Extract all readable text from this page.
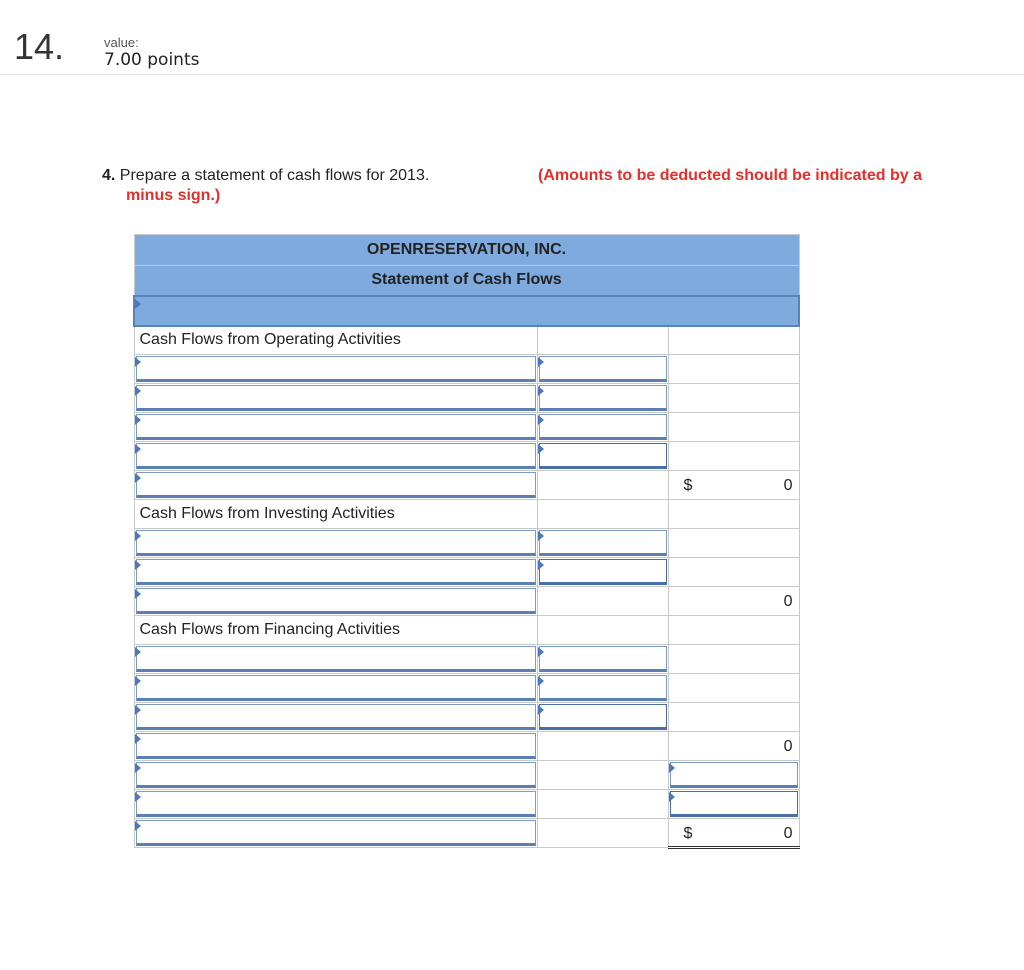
14.	value:
7.00 points
4. Prepare a statement of cash flows for 2013.	(Amounts to be deducted should be indicated by a
minus sign.)
OPENRESERVATION, INC.		
Statement of Cash Flows		

Cash Flows from Operating Activities		

		$ 0

Cash Flows from Investing Activities		

		0

Cash Flows from Financing Activities		

		0

		$ 0
